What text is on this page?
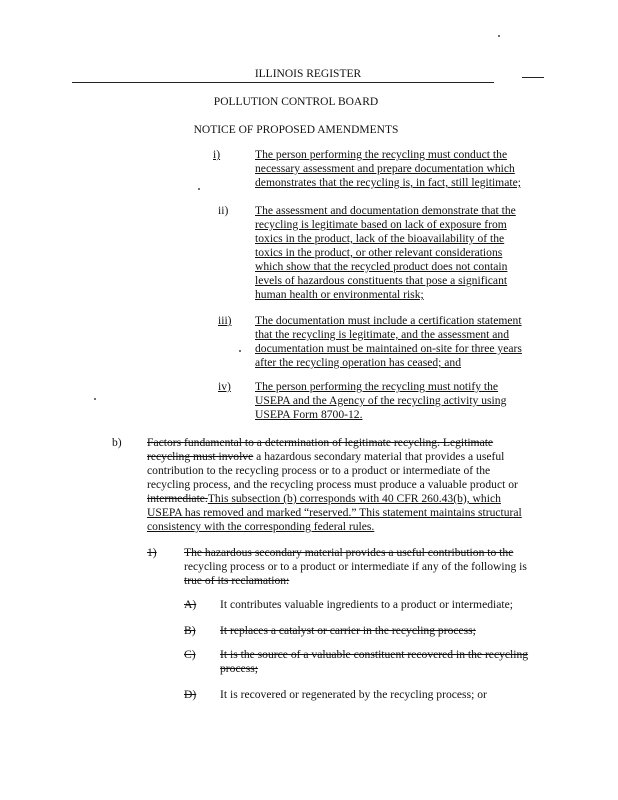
ILLINOIS REGISTER
POLLUTION CONTROL BOARD
NOTICE OF PROPOSED AMENDMENTS
i)	The person performing the recycling must conduct the
necessary assessment and prepare documentation which
demonstrates that the recycling is, in fact, still legitimate;
ii) The assessment and documentation demonstrate that the
recycling is legitimate based on lack of exposure from
toxics in the product, lack of the bioavailability of the
toxics in the product, or other relevant considerations
which show that the recycled product does not contain
levels of hazardous constituents that pose a significant
human health or environmental risk;
iii) The documentation must include a certification statement
that the recycling is legitimate, and the assessment and
documentation must be maintained on-site for three years
after the recycling operation has ceased; and
iv) The person performing the recycling must notify the
USEPA and the Agency of the recycling activity using
USEPA Form 8700-12.
b) Factors fundamental to a determination of legitimate recycling. Legitimate
recycling must involve a hazardous secondary material that provides a useful
contribution to the recycling process or to a product or intermediate of the
recycling process, and the recycling process must produce a valuable product or
intermediate.This subsection (b) corresponds with 40 CFR 260.43(b), which
USEPA has removed and marked “reserved.” This statement maintains structural
consistency with the corresponding federal rules.
1) The hazardous secondary material provides a useful contribution to the
recycling process or to a product or intermediate if any of the following is
true of its reclamation:
A) It contributes valuable ingredients to a product or intermediate;
B) It replaces a catalyst or carrier in the recycling process;
C) It is the source of a valuable constituent recovered in the recycling
process;
D) It is recovered or regenerated by the recycling process; or
